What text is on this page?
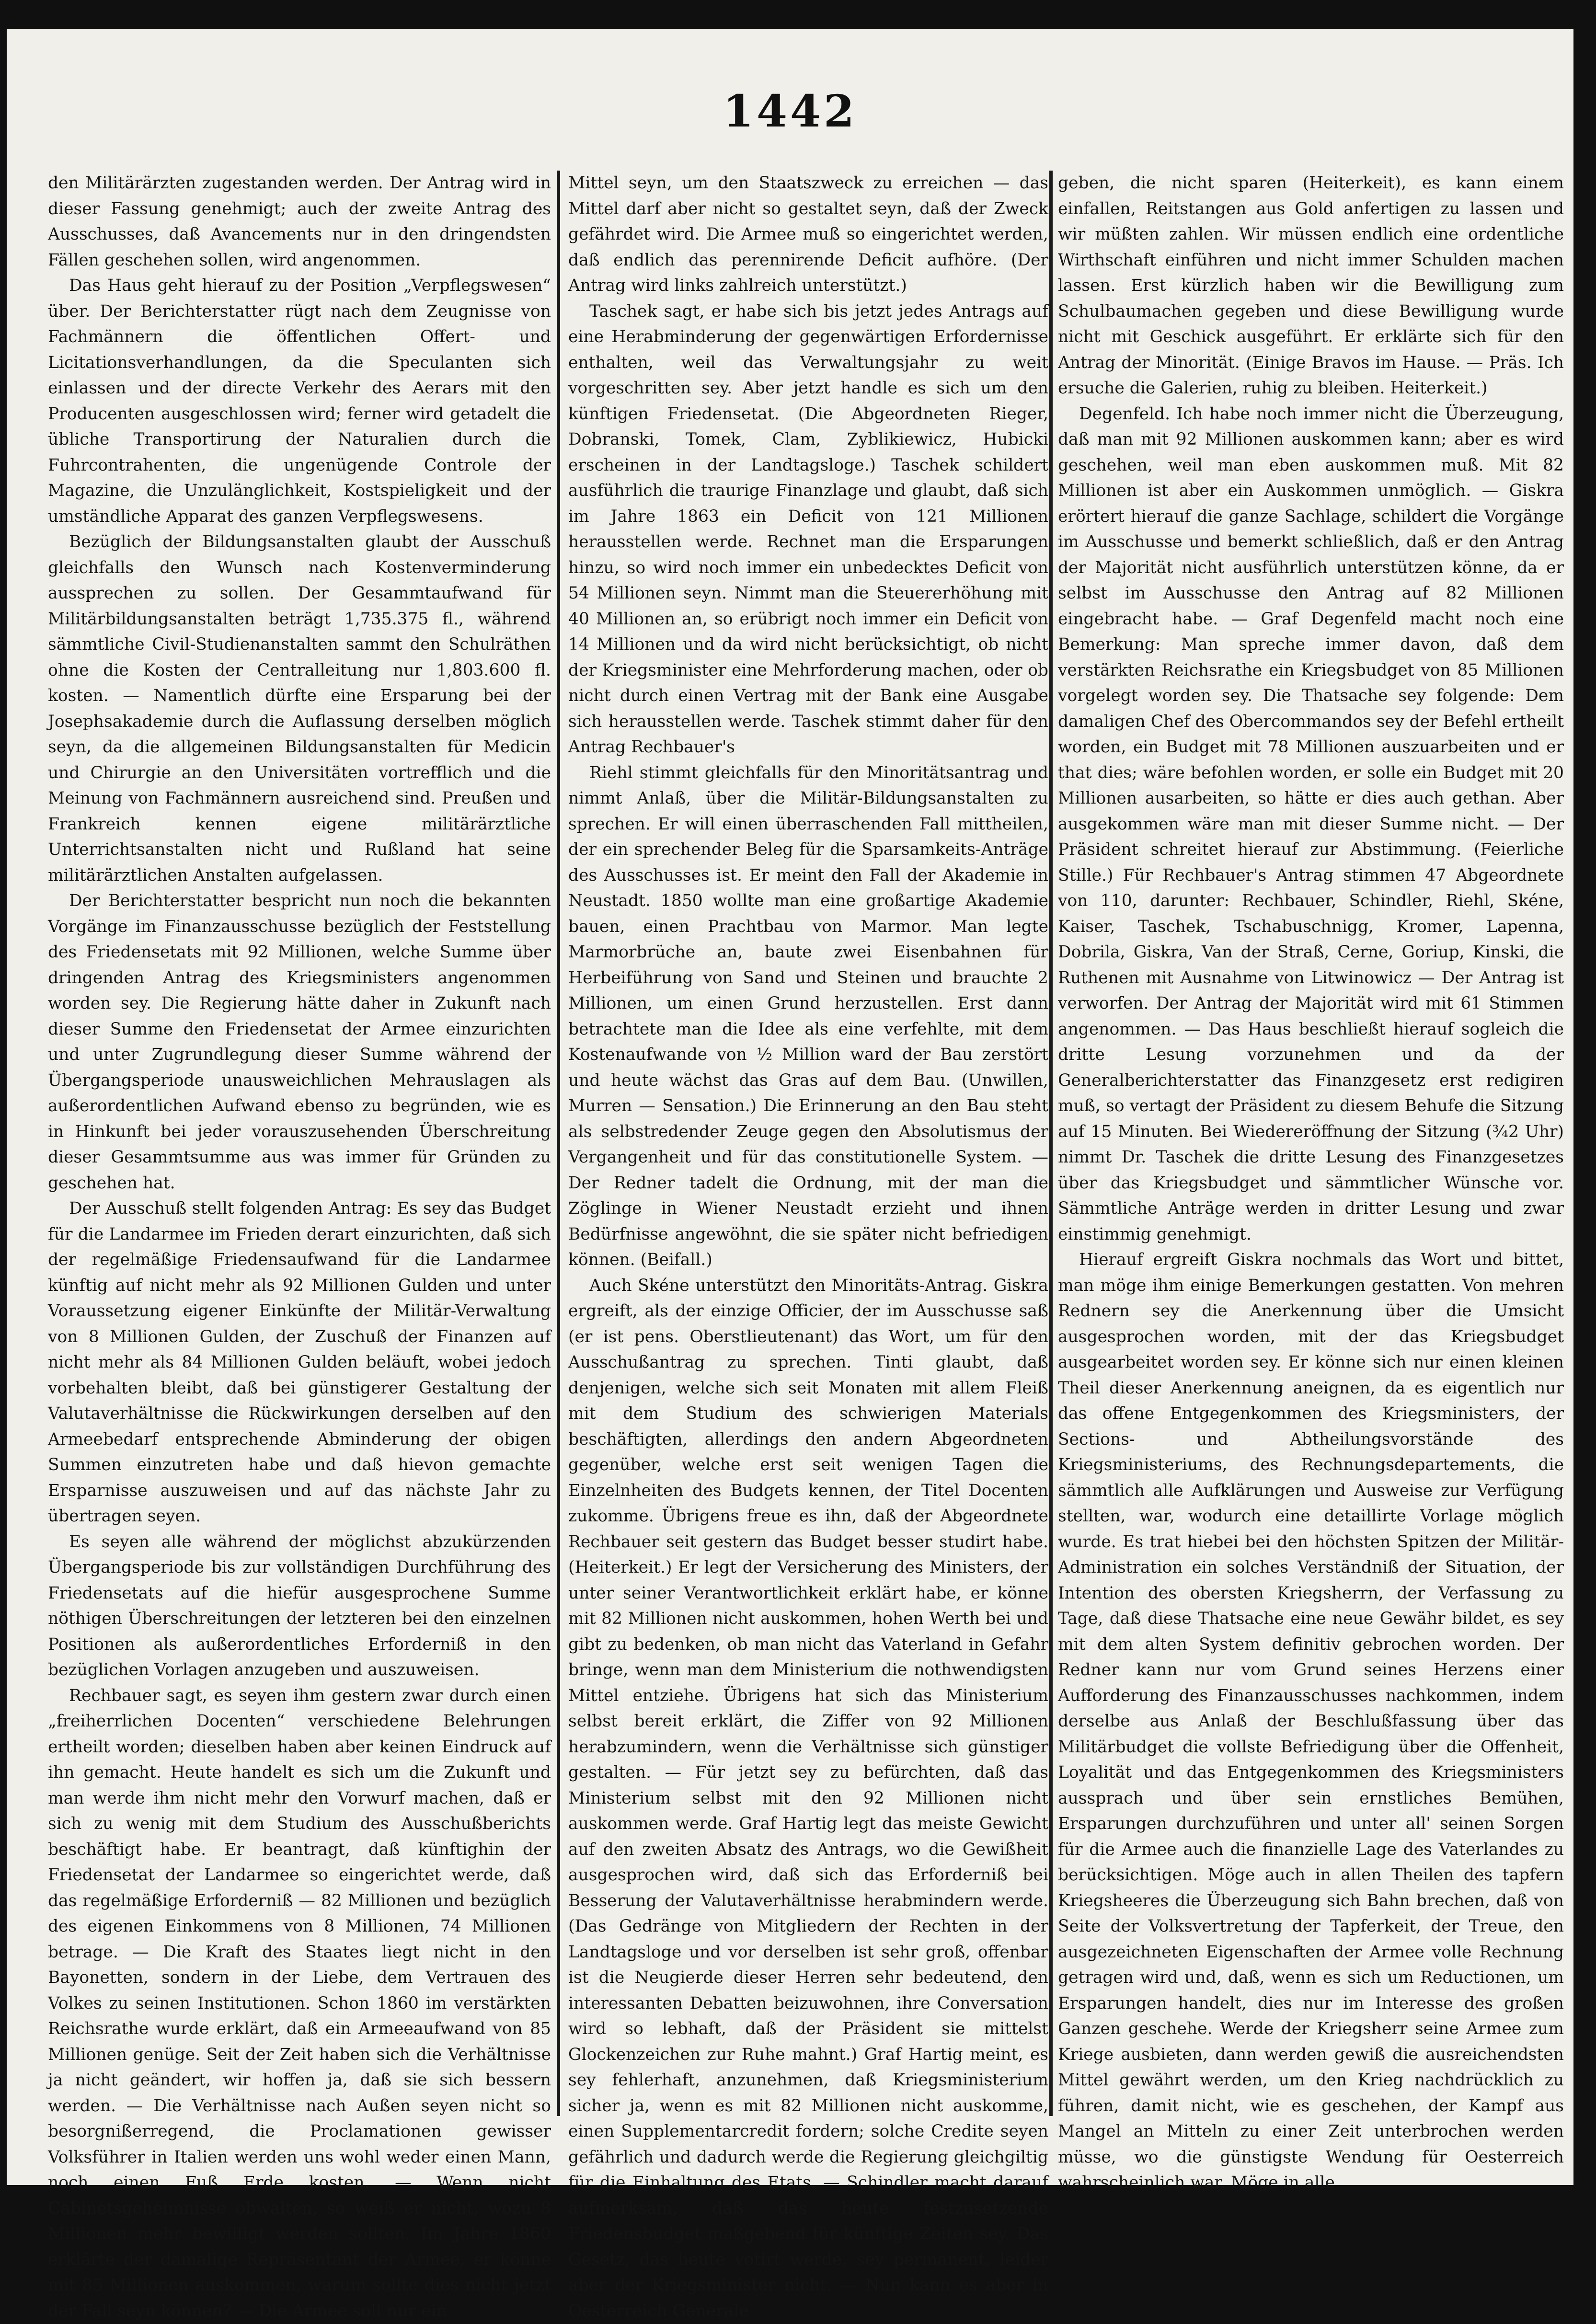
1442

den Militärärzten zugestanden werden. Der Antrag wird in dieser Fassung genehmigt; auch der zweite Antrag des Ausschusses, daß Avancements nur in den dringendsten Fällen geschehen sollen, wird angenommen.

Das Haus geht hierauf zu der Position „Verpflegswesen“ über. Der Berichterstatter rügt nach dem Zeugnisse von Fachmännern die öffentlichen Offert- und Licitationsverhandlungen, da die Speculanten sich einlassen und der directe Verkehr des Aerars mit den Producenten ausgeschlossen wird; ferner wird getadelt die übliche Transportirung der Naturalien durch die Fuhrcontrahenten, die ungenügende Controle der Magazine, die Unzulänglichkeit, Kostspieligkeit und der umständliche Apparat des ganzen Verpflegswesens.

Bezüglich der Bildungsanstalten glaubt der Ausschuß gleichfalls den Wunsch nach Kostenverminderung aussprechen zu sollen. Der Gesammtaufwand für Militärbildungsanstalten beträgt 1,735.375 fl., während sämmtliche Civil-Studienanstalten sammt den Schulräthen ohne die Kosten der Centralleitung nur 1,803.600 fl. kosten. — Namentlich dürfte eine Ersparung bei der Josephsakademie durch die Auflassung derselben möglich seyn, da die allgemeinen Bildungsanstalten für Medicin und Chirurgie an den Universitäten vortrefflich und die Meinung von Fachmännern ausreichend sind. Preußen und Frankreich kennen eigene militärärztliche Unterrichtsanstalten nicht und Rußland hat seine militärärztlichen Anstalten aufgelassen.

Der Berichterstatter bespricht nun noch die bekannten Vorgänge im Finanzausschusse bezüglich der Feststellung des Friedensetats mit 92 Millionen, welche Summe über dringenden Antrag des Kriegsministers angenommen worden sey. Die Regierung hätte daher in Zukunft nach dieser Summe den Friedensetat der Armee einzurichten und unter Zugrundlegung dieser Summe während der Übergangsperiode unausweichlichen Mehrauslagen als außerordentlichen Aufwand ebenso zu begründen, wie es in Hinkunft bei jeder vorauszusehenden Überschreitung dieser Gesammtsumme aus was immer für Gründen zu geschehen hat.

Der Ausschuß stellt folgenden Antrag: Es sey das Budget für die Landarmee im Frieden derart einzurichten, daß sich der regelmäßige Friedensaufwand für die Landarmee künftig auf nicht mehr als 92 Millionen Gulden und unter Voraussetzung eigener Einkünfte der Militär-Verwaltung von 8 Millionen Gulden, der Zuschuß der Finanzen auf nicht mehr als 84 Millionen Gulden beläuft, wobei jedoch vorbehalten bleibt, daß bei günstigerer Gestaltung der Valutaverhältnisse die Rückwirkungen derselben auf den Armeebedarf entsprechende Abminderung der obigen Summen einzutreten habe und daß hievon gemachte Ersparnisse auszuweisen und auf das nächste Jahr zu übertragen seyen.

Es seyen alle während der möglichst abzukürzenden Übergangsperiode bis zur vollständigen Durchführung des Friedensetats auf die hiefür ausgesprochene Summe nöthigen Überschreitungen der letzteren bei den einzelnen Positionen als außerordentliches Erforderniß in den bezüglichen Vorlagen anzugeben und auszuweisen.

Rechbauer sagt, es seyen ihm gestern zwar durch einen „freiherrlichen Docenten“ verschiedene Belehrungen ertheilt worden; dieselben haben aber keinen Eindruck auf ihn gemacht. Heute handelt es sich um die Zukunft und man werde ihm nicht mehr den Vorwurf machen, daß er sich zu wenig mit dem Studium des Ausschußberichts beschäftigt habe. Er beantragt, daß künftighin der Friedensetat der Landarmee so eingerichtet werde, daß das regelmäßige Erforderniß — 82 Millionen und bezüglich des eigenen Einkommens von 8 Millionen, 74 Millionen betrage. — Die Kraft des Staates liegt nicht in den Bayonetten, sondern in der Liebe, dem Vertrauen des Volkes zu seinen Institutionen. Schon 1860 im verstärkten Reichsrathe wurde erklärt, daß ein Armeeaufwand von 85 Millionen genüge. Seit der Zeit haben sich die Verhältnisse ja nicht geändert, wir hoffen ja, daß sie sich bessern werden. — Die Verhältnisse nach Außen seyen nicht so besorgnißerregend, die Proclamationen gewisser Volksführer in Italien werden uns wohl weder einen Mann, noch einen Fuß Erde kosten. — Wenn nicht Cabinetsgeheimnisse obwalten, so weiß er nicht, wozu 8 Millionen mehr bewilligt werden sollten. Im Jahre 1860 erklärte der damalige Repräsentant der Armee, er könne mit 85 Millionen auskommen, warum sollte dies nicht jetzt der Fall seyn können? — Die Armee soll nur ein

Mittel seyn, um den Staatszweck zu erreichen — das Mittel darf aber nicht so gestaltet seyn, daß der Zweck gefährdet wird. Die Armee muß so eingerichtet werden, daß endlich das perennirende Deficit aufhöre. (Der Antrag wird links zahlreich unterstützt.)

Taschek sagt, er habe sich bis jetzt jedes Antrags auf eine Herabminderung der gegenwärtigen Erfordernisse enthalten, weil das Verwaltungsjahr zu weit vorgeschritten sey. Aber jetzt handle es sich um den künftigen Friedensetat. (Die Abgeordneten Rieger, Dobranski, Tomek, Clam, Zyblikiewicz, Hubicki erscheinen in der Landtagsloge.) Taschek schildert ausführlich die traurige Finanzlage und glaubt, daß sich im Jahre 1863 ein Deficit von 121 Millionen herausstellen werde. Rechnet man die Ersparungen hinzu, so wird noch immer ein unbedecktes Deficit von 54 Millionen seyn. Nimmt man die Steuererhöhung mit 40 Millionen an, so erübrigt noch immer ein Deficit von 14 Millionen und da wird nicht berücksichtigt, ob nicht der Kriegsminister eine Mehrforderung machen, oder ob nicht durch einen Vertrag mit der Bank eine Ausgabe sich herausstellen werde. Taschek stimmt daher für den Antrag Rechbauer's

Riehl stimmt gleichfalls für den Minoritätsantrag und nimmt Anlaß, über die Militär-Bildungsanstalten zu sprechen. Er will einen überraschenden Fall mittheilen, der ein sprechender Beleg für die Sparsamkeits-Anträge des Ausschusses ist. Er meint den Fall der Akademie in Neustadt. 1850 wollte man eine großartige Akademie bauen, einen Prachtbau von Marmor. Man legte Marmorbrüche an, baute zwei Eisenbahnen für Herbeiführung von Sand und Steinen und brauchte 2 Millionen, um einen Grund herzustellen. Erst dann betrachtete man die Idee als eine verfehlte, mit dem Kostenaufwande von ½ Million ward der Bau zerstört und heute wächst das Gras auf dem Bau. (Unwillen, Murren — Sensation.) Die Erinnerung an den Bau steht als selbstredender Zeuge gegen den Absolutismus der Vergangenheit und für das constitutionelle System. — Der Redner tadelt die Ordnung, mit der man die Zöglinge in Wiener Neustadt erzieht und ihnen Bedürfnisse angewöhnt, die sie später nicht befriedigen können. (Beifall.)

Auch Skéne unterstützt den Minoritäts-Antrag. Giskra ergreift, als der einzige Officier, der im Ausschusse saß (er ist pens. Oberstlieutenant) das Wort, um für den Ausschußantrag zu sprechen. Tinti glaubt, daß denjenigen, welche sich seit Monaten mit allem Fleiß mit dem Studium des schwierigen Materials beschäftigten, allerdings den andern Abgeordneten gegenüber, welche erst seit wenigen Tagen die Einzelnheiten des Budgets kennen, der Titel Docenten zukomme. Übrigens freue es ihn, daß der Abgeordnete Rechbauer seit gestern das Budget besser studirt habe. (Heiterkeit.) Er legt der Versicherung des Ministers, der unter seiner Verantwortlichkeit erklärt habe, er könne mit 82 Millionen nicht auskommen, hohen Werth bei und gibt zu bedenken, ob man nicht das Vaterland in Gefahr bringe, wenn man dem Ministerium die nothwendigsten Mittel entziehe. Übrigens hat sich das Ministerium selbst bereit erklärt, die Ziffer von 92 Millionen herabzumindern, wenn die Verhältnisse sich günstiger gestalten. — Für jetzt sey zu befürchten, daß das Ministerium selbst mit den 92 Millionen nicht auskommen werde. Graf Hartig legt das meiste Gewicht auf den zweiten Absatz des Antrags, wo die Gewißheit ausgesprochen wird, daß sich das Erforderniß bei Besserung der Valutaverhältnisse herabmindern werde. (Das Gedränge von Mitgliedern der Rechten in der Landtagsloge und vor derselben ist sehr groß, offenbar ist die Neugierde dieser Herren sehr bedeutend, den interessanten Debatten beizuwohnen, ihre Conversation wird so lebhaft, daß der Präsident sie mittelst Glockenzeichen zur Ruhe mahnt.) Graf Hartig meint, es sey fehlerhaft, anzunehmen, daß Kriegsministerium sicher ja, wenn es mit 82 Millionen nicht auskomme, einen Supplementarcredit fordern; solche Credite seyen gefährlich und dadurch werde die Regierung gleichgiltig für die Einhaltung des Etats. — Schindler macht darauf aufmerksam, daß das heute festzusetzende Friedensbudget maßgebend für künftige Zeiten sey. Das Gesetz, das heute votirt werde, sey permanent, leider aber der Kriegsminister nicht. — Nun kann es aber in Oesterreich Generale

geben, die nicht sparen (Heiterkeit), es kann einem einfallen, Reitstangen aus Gold anfertigen zu lassen und wir müßten zahlen. Wir müssen endlich eine ordentliche Wirthschaft einführen und nicht immer Schulden machen lassen. Erst kürzlich haben wir die Bewilligung zum Schulbaumachen gegeben und diese Bewilligung wurde nicht mit Geschick ausgeführt. Er erklärte sich für den Antrag der Minorität. (Einige Bravos im Hause. — Präs. Ich ersuche die Galerien, ruhig zu bleiben. Heiterkeit.)

Degenfeld. Ich habe noch immer nicht die Überzeugung, daß man mit 92 Millionen auskommen kann; aber es wird geschehen, weil man eben auskommen muß. Mit 82 Millionen ist aber ein Auskommen unmöglich. — Giskra erörtert hierauf die ganze Sachlage, schildert die Vorgänge im Ausschusse und bemerkt schließlich, daß er den Antrag der Majorität nicht ausführlich unterstützen könne, da er selbst im Ausschusse den Antrag auf 82 Millionen eingebracht habe. — Graf Degenfeld macht noch eine Bemerkung: Man spreche immer davon, daß dem verstärkten Reichsrathe ein Kriegsbudget von 85 Millionen vorgelegt worden sey. Die Thatsache sey folgende: Dem damaligen Chef des Obercommandos sey der Befehl ertheilt worden, ein Budget mit 78 Millionen auszuarbeiten und er that dies; wäre befohlen worden, er solle ein Budget mit 20 Millionen ausarbeiten, so hätte er dies auch gethan. Aber ausgekommen wäre man mit dieser Summe nicht. — Der Präsident schreitet hierauf zur Abstimmung. (Feierliche Stille.) Für Rechbauer's Antrag stimmen 47 Abgeordnete von 110, darunter: Rechbauer, Schindler, Riehl, Skéne, Kaiser, Taschek, Tschabuschnigg, Kromer, Lapenna, Dobrila, Giskra, Van der Straß, Cerne, Goriup, Kinski, die Ruthenen mit Ausnahme von Litwinowicz — Der Antrag ist verworfen. Der Antrag der Majorität wird mit 61 Stimmen angenommen. — Das Haus beschließt hierauf sogleich die dritte Lesung vorzunehmen und da der Generalberichterstatter das Finanzgesetz erst redigiren muß, so vertagt der Präsident zu diesem Behufe die Sitzung auf 15 Minuten. Bei Wiedereröffnung der Sitzung (¾2 Uhr) nimmt Dr. Taschek die dritte Lesung des Finanzgesetzes über das Kriegsbudget und sämmtlicher Wünsche vor. Sämmtliche Anträge werden in dritter Lesung und zwar einstimmig genehmigt.

Hierauf ergreift Giskra nochmals das Wort und bittet, man möge ihm einige Bemerkungen gestatten. Von mehren Rednern sey die Anerkennung über die Umsicht ausgesprochen worden, mit der das Kriegsbudget ausgearbeitet worden sey. Er könne sich nur einen kleinen Theil dieser Anerkennung aneignen, da es eigentlich nur das offene Entgegenkommen des Kriegsministers, der Sections- und Abtheilungsvorstände des Kriegsministeriums, des Rechnungsdepartements, die sämmtlich alle Aufklärungen und Ausweise zur Verfügung stellten, war, wodurch eine detaillirte Vorlage möglich wurde. Es trat hiebei bei den höchsten Spitzen der Militär-Administration ein solches Verständniß der Situation, der Intention des obersten Kriegsherrn, der Verfassung zu Tage, daß diese Thatsache eine neue Gewähr bildet, es sey mit dem alten System definitiv gebrochen worden. Der Redner kann nur vom Grund seines Herzens einer Aufforderung des Finanzausschusses nachkommen, indem derselbe aus Anlaß der Beschlußfassung über das Militärbudget die vollste Befriedigung über die Offenheit, Loyalität und das Entgegenkommen des Kriegsministers aussprach und über sein ernstliches Bemühen, Ersparungen durchzuführen und unter all' seinen Sorgen für die Armee auch die finanzielle Lage des Vaterlandes zu berücksichtigen. Möge auch in allen Theilen des tapfern Kriegsheeres die Überzeugung sich Bahn brechen, daß von Seite der Volksvertretung der Tapferkeit, der Treue, den ausgezeichneten Eigenschaften der Armee volle Rechnung getragen wird und, daß, wenn es sich um Reductionen, um Ersparungen handelt, dies nur im Interesse des großen Ganzen geschehe. Werde der Kriegsherr seine Armee zum Kriege ausbieten, dann werden gewiß die ausreichendsten Mittel gewährt werden, um den Krieg nachdrücklich zu führen, damit nicht, wie es geschehen, der Kampf aus Mangel an Mitteln zu einer Zeit unterbrochen werden müsse, wo die günstigste Wendung für Oesterreich wahrscheinlich war. Möge in alle
